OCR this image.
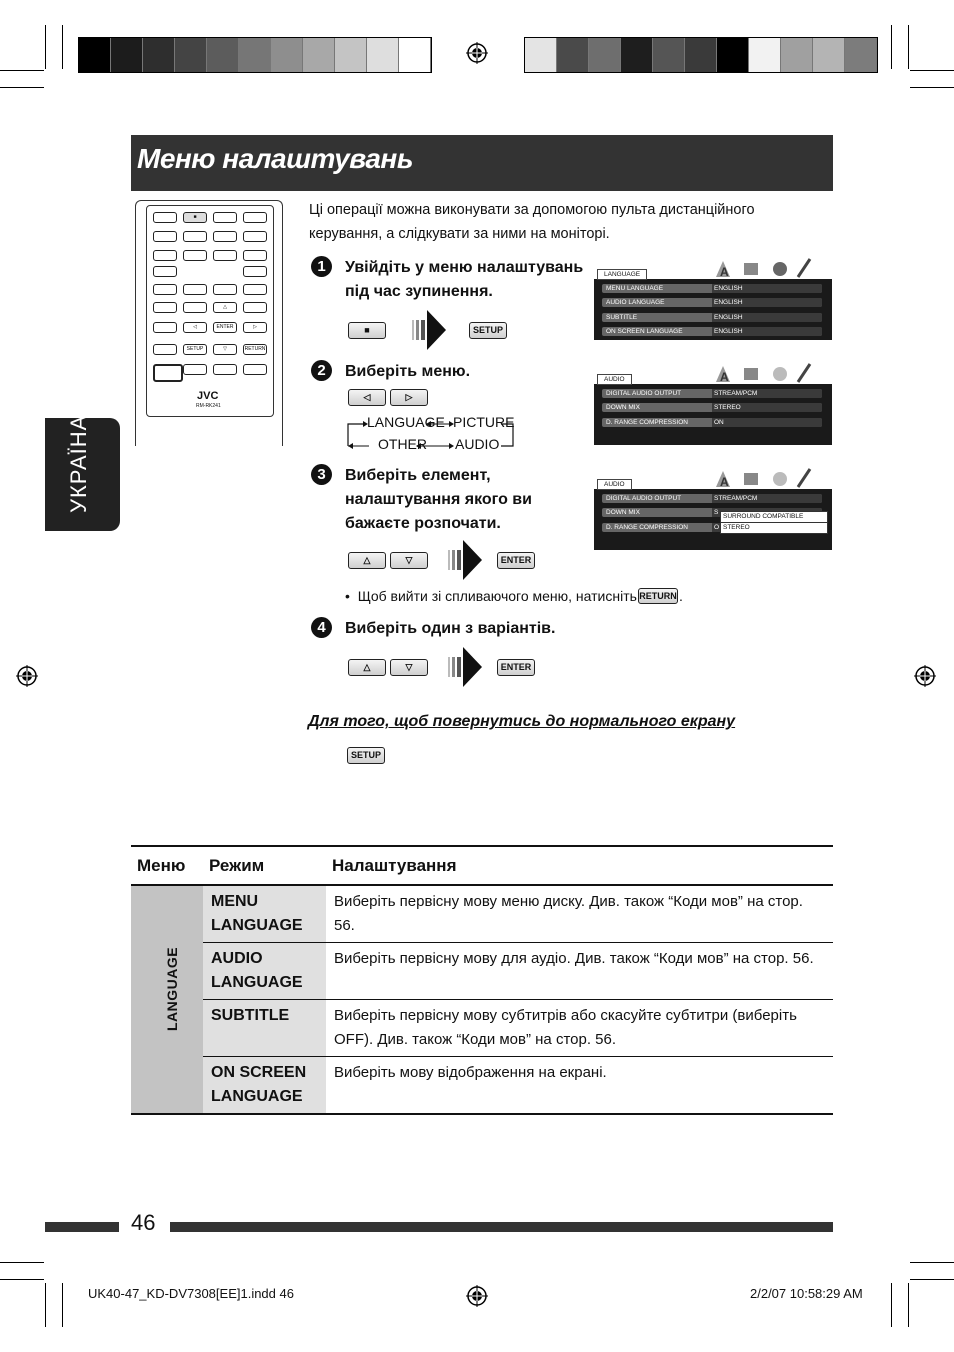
Меню налаштувань
УКРАЇНА
■
△
◁	ENTER	▷
SETUP	▽	RETURN
JVC
RM-RK241
Ці операції можна виконувати за допомогою пульта дистанційного керування, а слідкувати за ними на моніторі.
1	Увійдіть у меню налаштувань під час зупинення.
■	SETUP
LANGUAGE	A
MENU LANGUAGE	ENGLISH
AUDIO LANGUAGE	ENGLISH
SUBTITLE	ENGLISH
ON SCREEN LANGUAGE	ENGLISH
2	Виберіть меню.
◁	▷
LANGUAGE PICTURE
OTHER AUDIO
AUDIO	A
DIGITAL AUDIO OUTPUT	STREAM/PCM
DOWN MIX	STEREO
D. RANGE COMPRESSION	ON
3	Виберіть елемент, налаштування якого ви бажаєте розпочати.
△	▽	ENTER
AUDIO	A
DIGITAL AUDIO OUTPUT	STREAM/PCM
DOWN MIX	S
D. RANGE COMPRESSION	O
SURROUND COMPATIBLE
STEREO
•  Щоб вийти зі спливаючого меню, натисніть RETURN .
4	Виберіть один з варіантів.
△	▽	ENTER
Для того, щоб повернутись до нормального екрану
SETUP
Меню	Режим	Налаштування

LANGUAGE	MENU LANGUAGE	Виберіть первісну мову меню диску. Див. також “Коди мов” на стор. 56.
	AUDIO LANGUAGE	Виберіть первісну мову для аудіо. Див. також “Коди мов” на стор. 56.
	SUBTITLE	Виберіть первісну мову субтитрів або скасуйте субтитри (виберіть OFF). Див. також “Коди мов” на стор. 56.
	ON SCREEN LANGUAGE	Виберіть мову відображення на екрані.
46
UK40-47_KD-DV7308[EE]1.indd 46	2/2/07 10:58:29 AM
